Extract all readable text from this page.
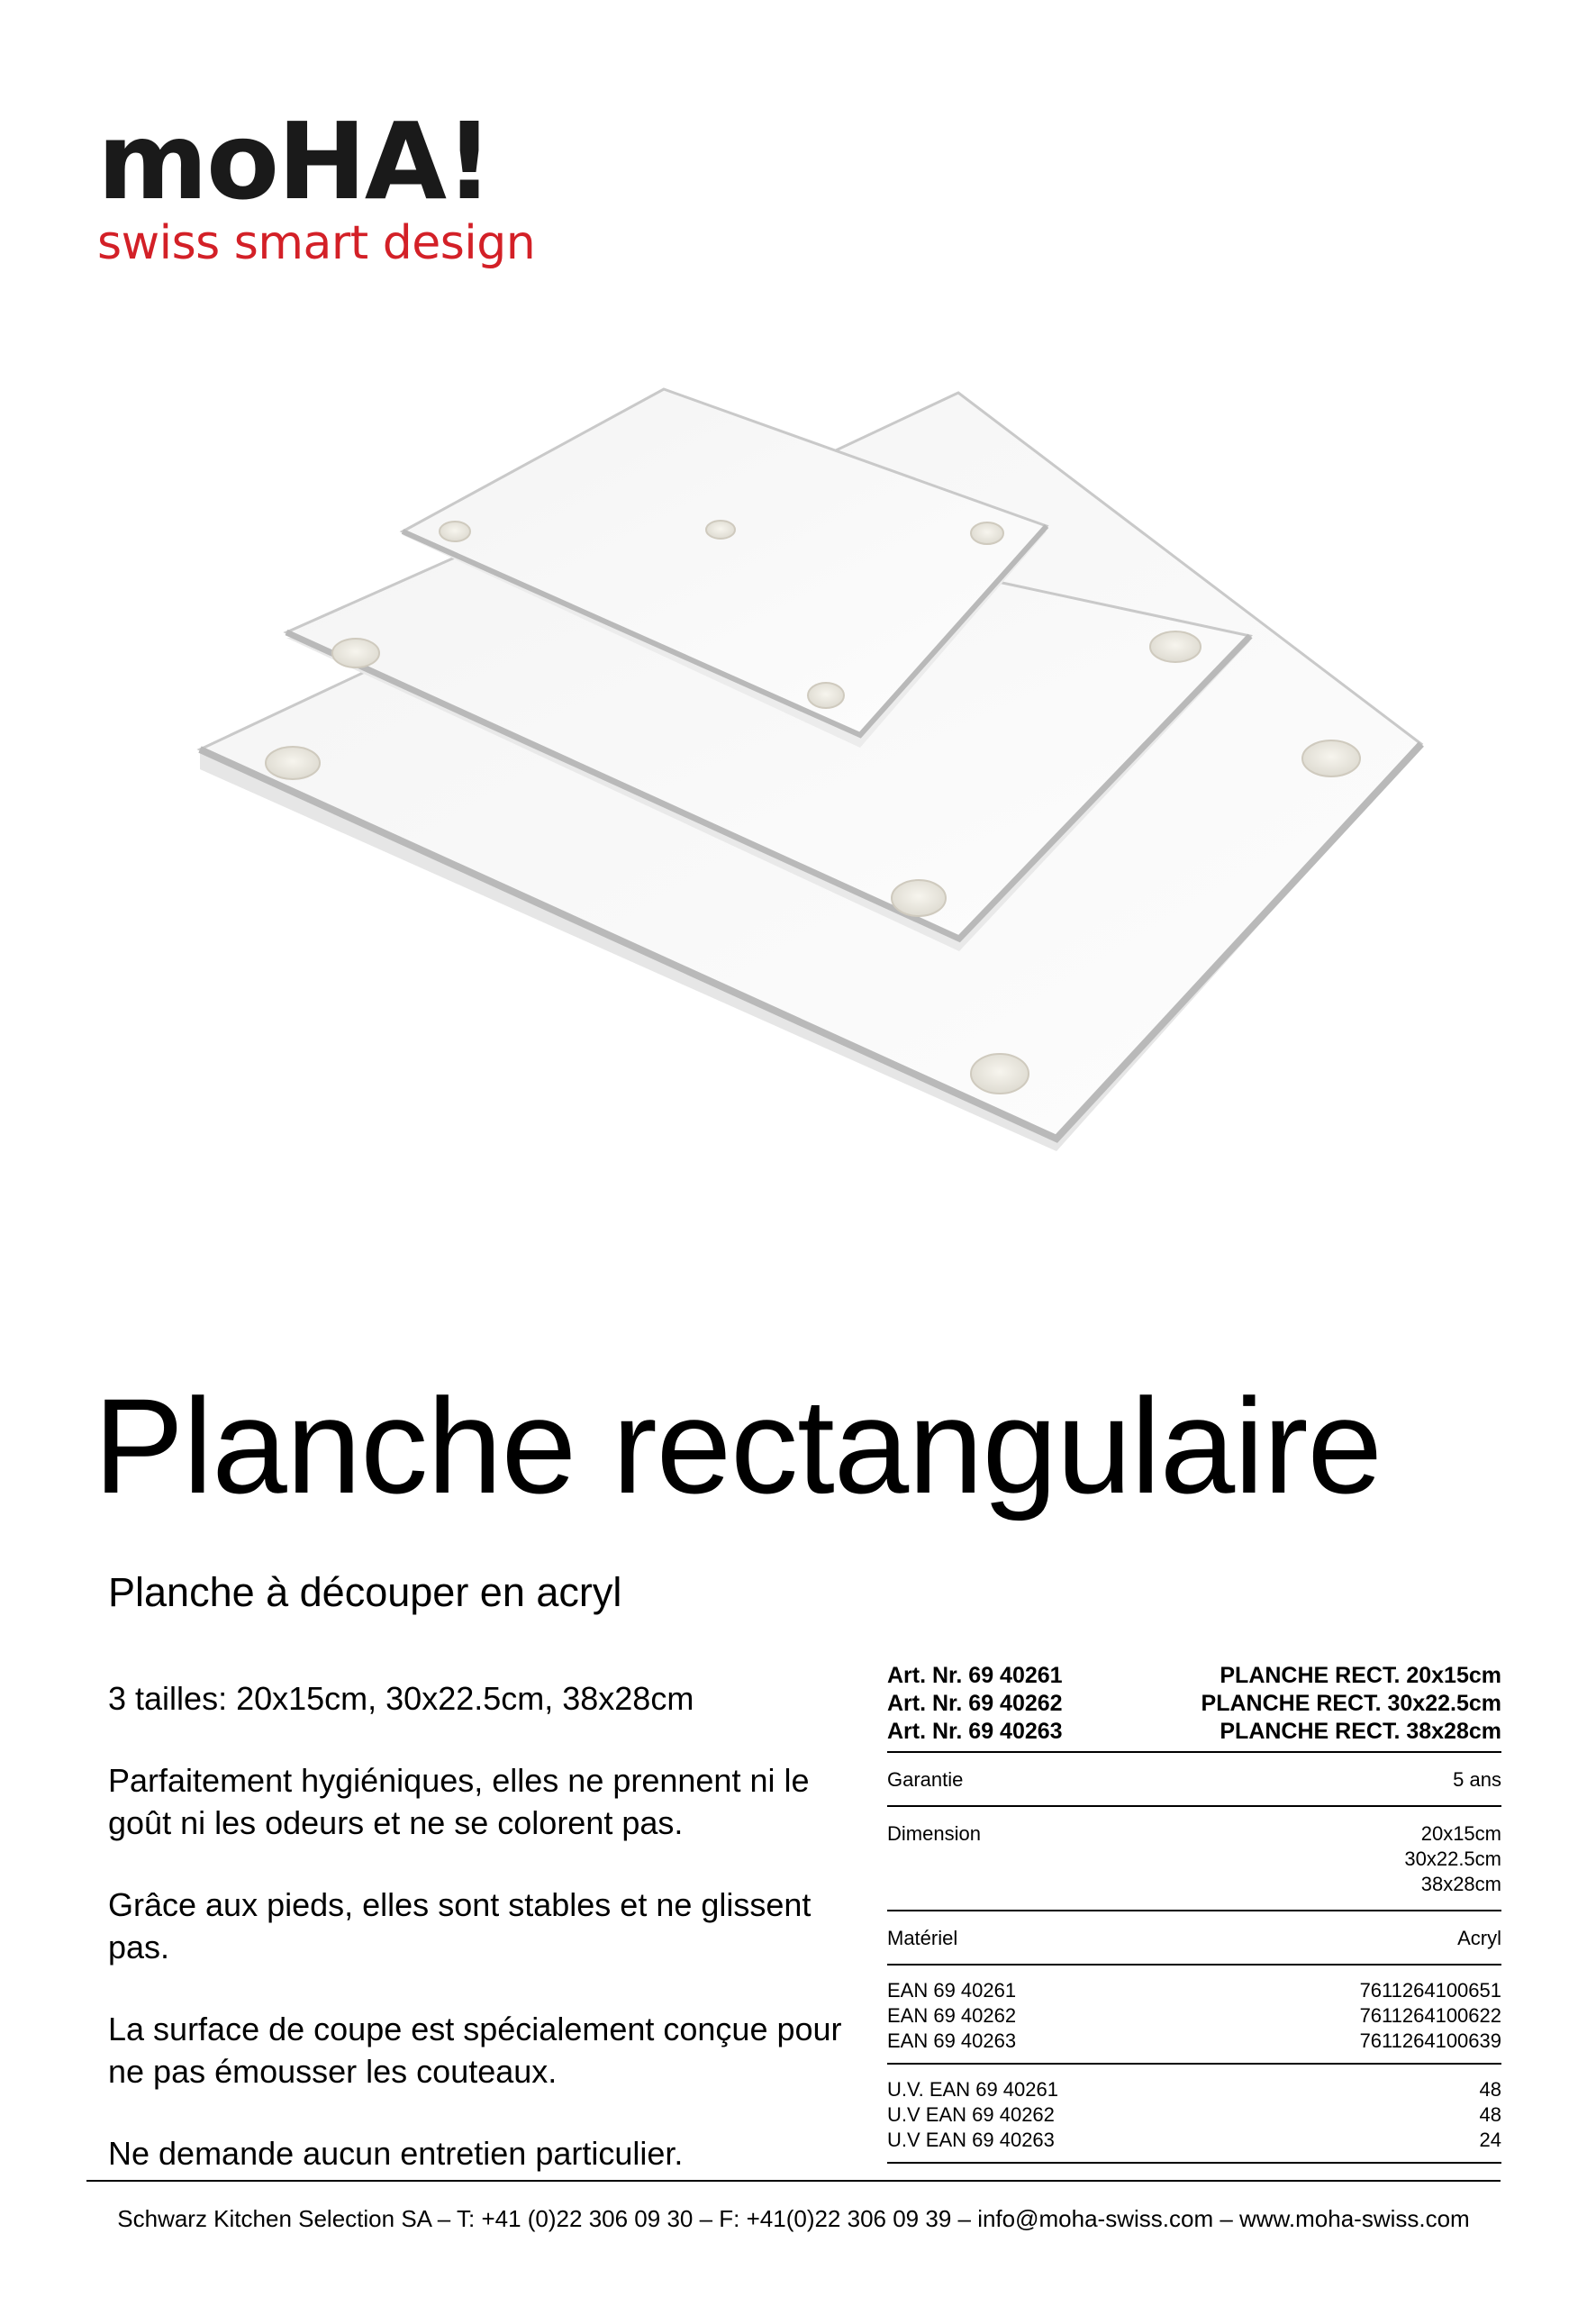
moHA!
swiss smart design
Planche rectangulaire
Planche à découper en acryl

3 tailles: 20x15cm, 30x22.5cm, 38x28cm

Parfaitement hygiéniques, elles ne prennent ni le goût ni les odeurs et ne se colorent pas.

Grâce aux pieds, elles sont stables et ne glissent pas.

La surface de coupe est spécialement conçue pour ne pas émousser les couteaux.

Ne demande aucun entretien particulier.

Art. Nr. 69 40261	PLANCHE RECT. 20x15cm
Art. Nr. 69 40262	PLANCHE RECT. 30x22.5cm
Art. Nr. 69 40263	PLANCHE RECT. 38x28cm
Garantie	5 ans
Dimension	20x15cm
30x22.5cm
38x28cm
Matériel	Acryl
EAN 69 40261	7611264100651
EAN 69 40262	7611264100622
EAN 69 40263	7611264100639
U.V. EAN 69 40261	48
U.V EAN 69 40262	48
U.V EAN 69 40263	24
Schwarz Kitchen Selection SA – T: +41 (0)22 306 09 30 – F: +41(0)22 306 09 39 – info@moha-swiss.com – www.moha-swiss.com
